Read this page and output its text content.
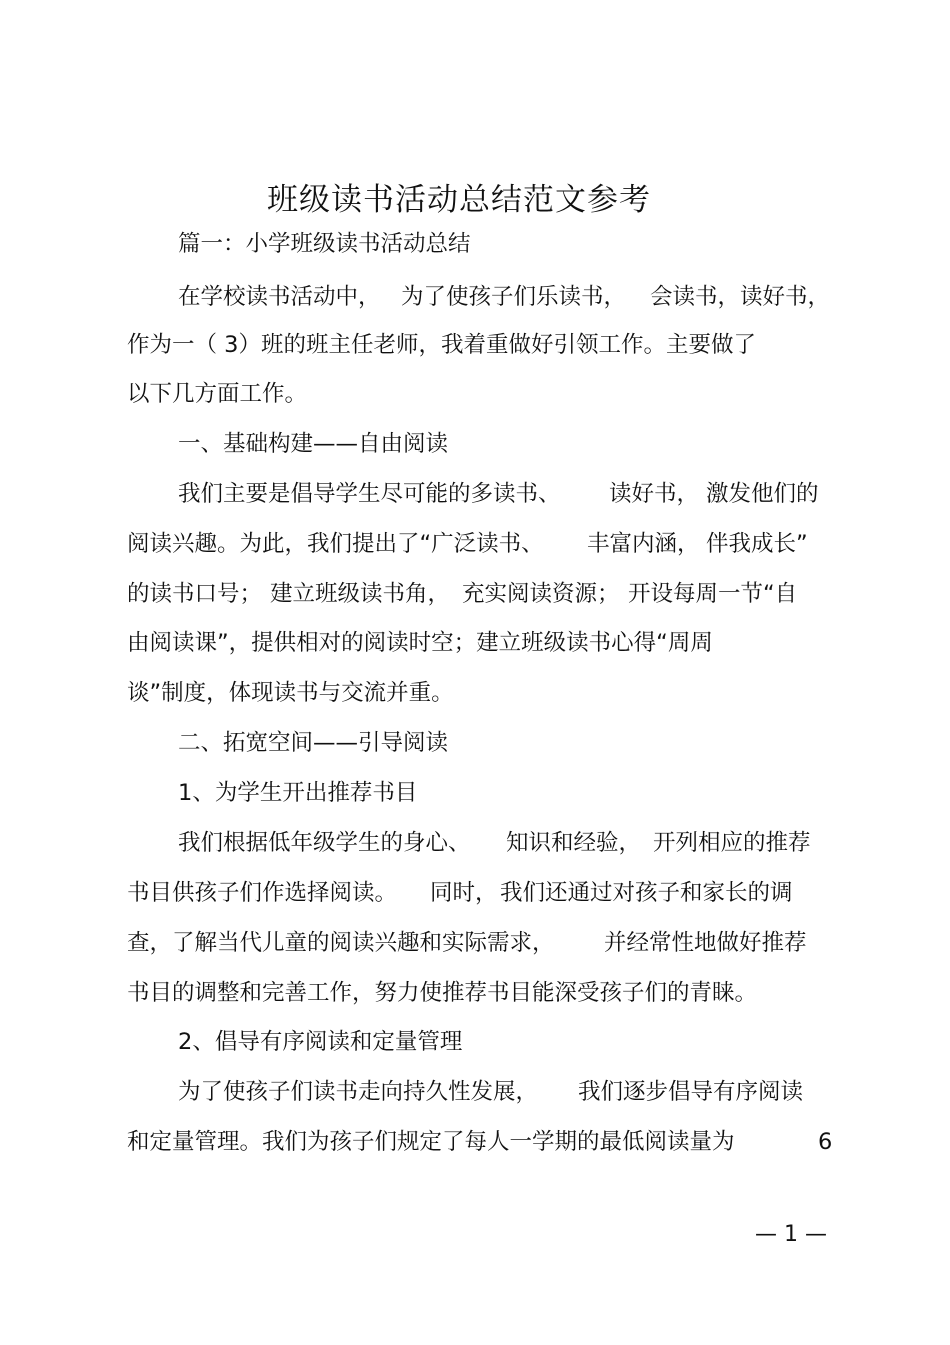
班级读书活动总结范文参考
篇一：小学班级读书活动总结
在学校读书活动中， 为了使孩子们乐读书， 会读书，读好书，
作为一（ 3）班的班主任老师，我着重做好引领工作。主要做了
以下几方面工作。
一、基础构建——自由阅读
我们主要是倡导学生尽可能的多读书、 读好书， 激发他们的
阅读兴趣。为此，我们提出了“广泛读书、 丰富内涵， 伴我成长”
的读书口号； 建立班级读书角， 充实阅读资源； 开设每周一节“自
由阅读课”，提供相对的阅读时空；建立班级读书心得“周周
谈”制度，体现读书与交流并重。
二、拓宽空间——引导阅读
1、为学生开出推荐书目
我们根据低年级学生的身心、 知识和经验， 开列相应的推荐
书目供孩子们作选择阅读。 同时， 我们还通过对孩子和家长的调
查，了解当代儿童的阅读兴趣和实际需求， 并经常性地做好推荐
书目的调整和完善工作，努力使推荐书目能深受孩子们的青睐。
2、倡导有序阅读和定量管理
为了使孩子们读书走向持久性发展， 我们逐步倡导有序阅读
和定量管理。我们为孩子们规定了每人一学期的最低阅读量为	6
— 1 —
